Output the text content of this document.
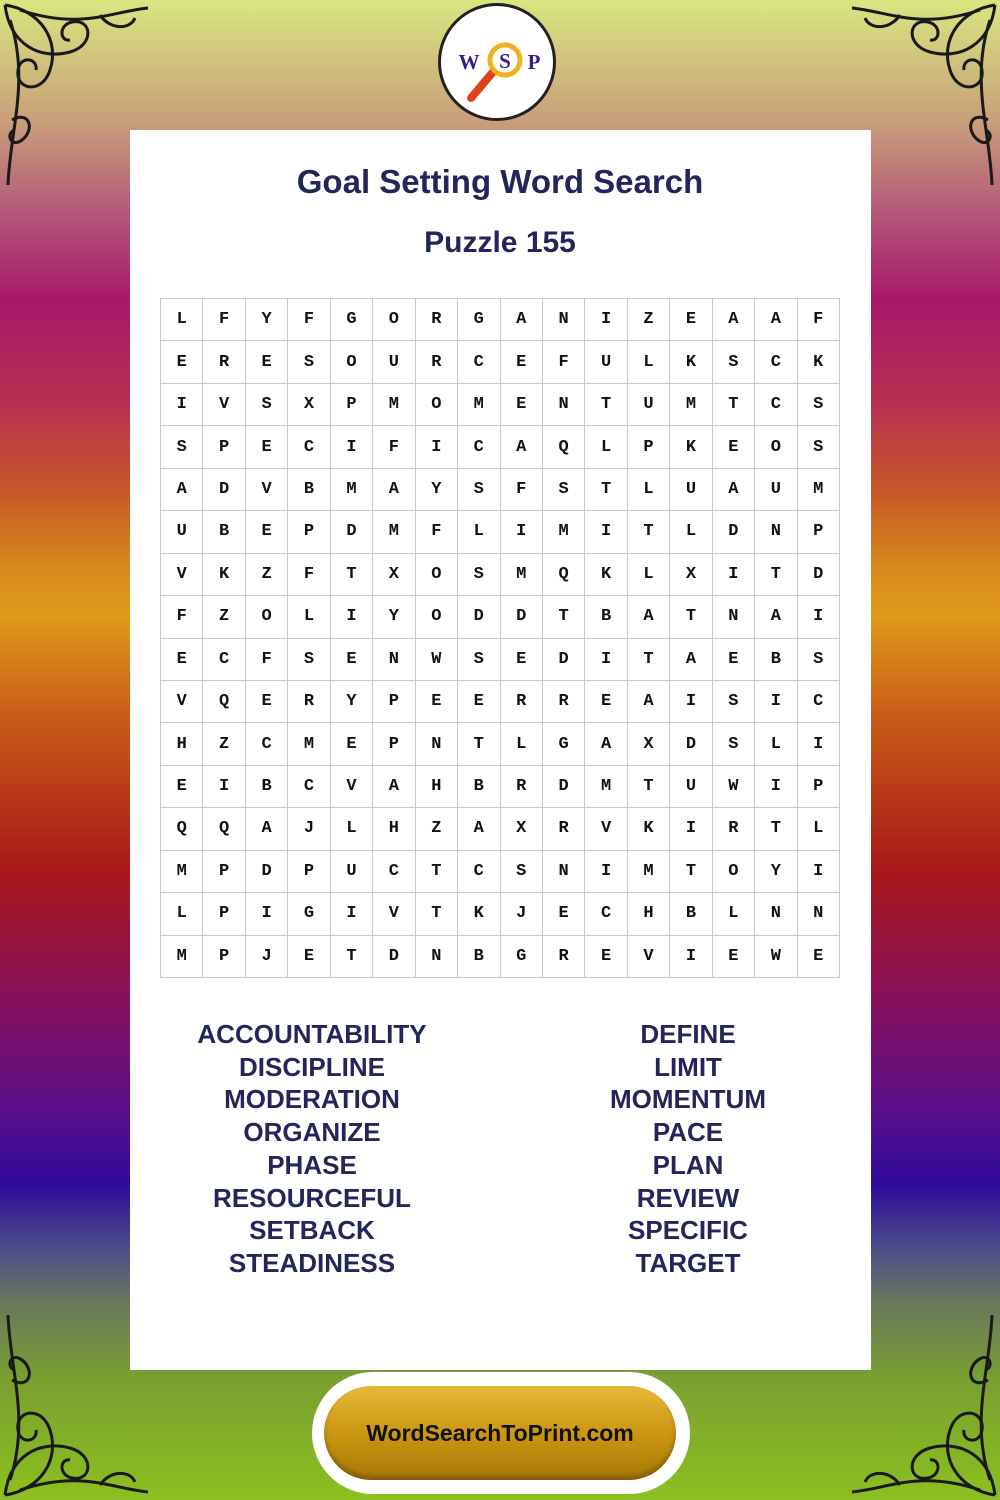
W S P
Goal Setting Word Search
Puzzle 155
L	F	Y	F	G	O	R	G	A	N	I	Z	E	A	A	F
E	R	E	S	O	U	R	C	E	F	U	L	K	S	C	K
I	V	S	X	P	M	O	M	E	N	T	U	M	T	C	S
S	P	E	C	I	F	I	C	A	Q	L	P	K	E	O	S
A	D	V	B	M	A	Y	S	F	S	T	L	U	A	U	M
U	B	E	P	D	M	F	L	I	M	I	T	L	D	N	P
V	K	Z	F	T	X	O	S	M	Q	K	L	X	I	T	D
F	Z	O	L	I	Y	O	D	D	T	B	A	T	N	A	I
E	C	F	S	E	N	W	S	E	D	I	T	A	E	B	S
V	Q	E	R	Y	P	E	E	R	R	E	A	I	S	I	C
H	Z	C	M	E	P	N	T	L	G	A	X	D	S	L	I
E	I	B	C	V	A	H	B	R	D	M	T	U	W	I	P
Q	Q	A	J	L	H	Z	A	X	R	V	K	I	R	T	L
M	P	D	P	U	C	T	C	S	N	I	M	T	O	Y	I
L	P	I	G	I	V	T	K	J	E	C	H	B	L	N	N
M	P	J	E	T	D	N	B	G	R	E	V	I	E	W	E
ACCOUNTABILITY
DISCIPLINE
MODERATION
ORGANIZE
PHASE
RESOURCEFUL
SETBACK
STEADINESS
DEFINE
LIMIT
MOMENTUM
PACE
PLAN
REVIEW
SPECIFIC
TARGET
WordSearchToPrint.com
